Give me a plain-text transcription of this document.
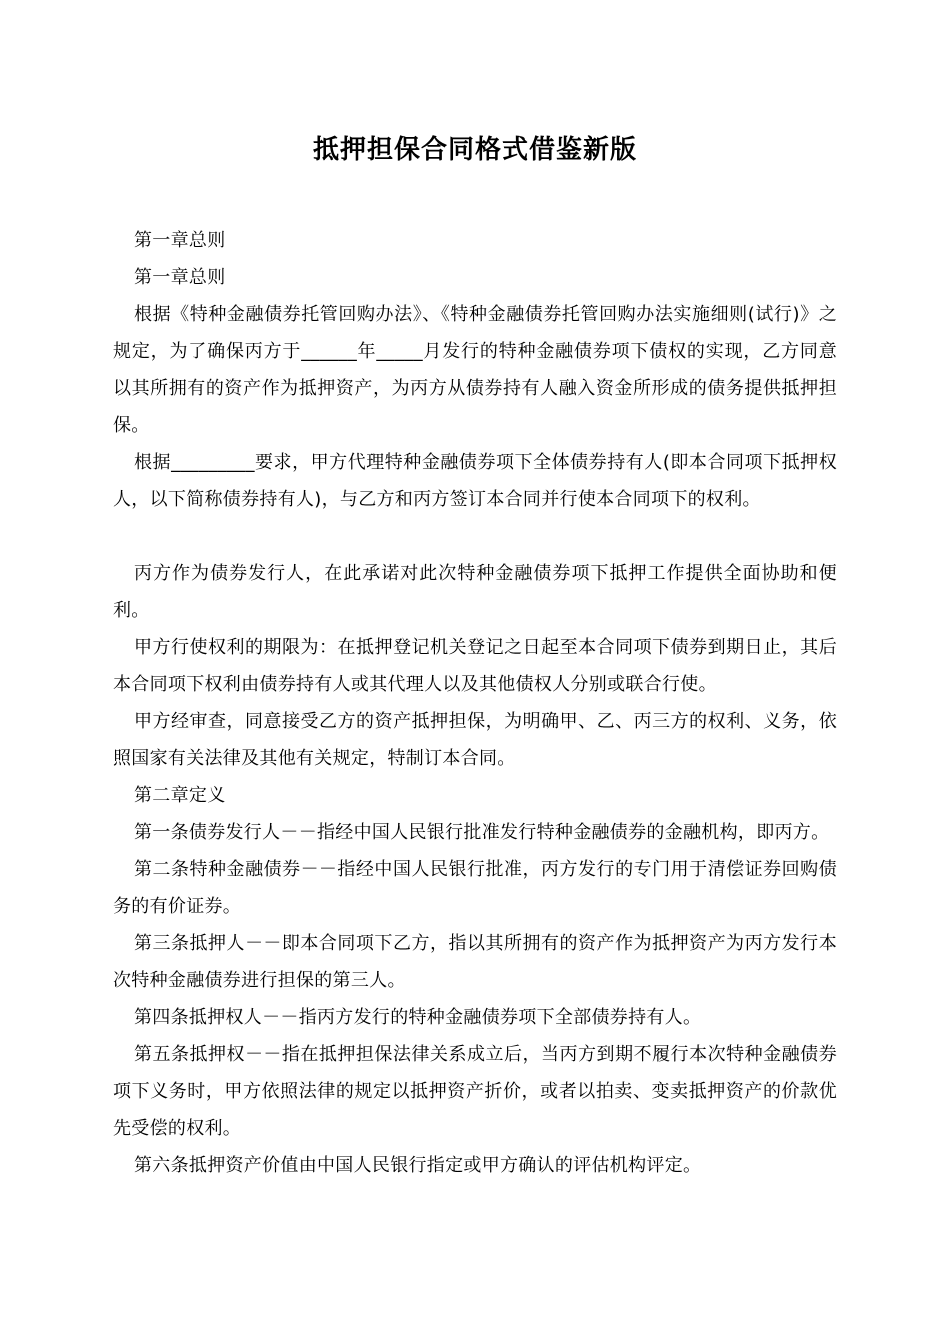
抵押担保合同格式借鉴新版

第一章总则

第一章总则

根据《特种金融债券托管回购办法》、《特种金融债券托管回购办法实施细则(试行)》之规定，为了确保丙方于______年_____月发行的特种金融债券项下债权的实现，乙方同意以其所拥有的资产作为抵押资产，为丙方从债券持有人融入资金所形成的债务提供抵押担保。

根据_________要求，甲方代理特种金融债券项下全体债券持有人(即本合同项下抵押权人，以下简称债券持有人)，与乙方和丙方签订本合同并行使本合同项下的权利。

丙方作为债券发行人，在此承诺对此次特种金融债券项下抵押工作提供全面协助和便利。

甲方行使权利的期限为：在抵押登记机关登记之日起至本合同项下债券到期日止，其后本合同项下权利由债券持有人或其代理人以及其他债权人分别或联合行使。

甲方经审查，同意接受乙方的资产抵押担保，为明确甲、乙、丙三方的权利、义务，依照国家有关法律及其他有关规定，特制订本合同。

第二章定义

第一条债券发行人－－指经中国人民银行批准发行特种金融债券的金融机构，即丙方。

第二条特种金融债券－－指经中国人民银行批准，丙方发行的专门用于清偿证券回购债务的有价证券。

第三条抵押人－－即本合同项下乙方，指以其所拥有的资产作为抵押资产为丙方发行本次特种金融债券进行担保的第三人。

第四条抵押权人－－指丙方发行的特种金融债券项下全部债券持有人。

第五条抵押权－－指在抵押担保法律关系成立后，当丙方到期不履行本次特种金融债券项下义务时，甲方依照法律的规定以抵押资产折价，或者以拍卖、变卖抵押资产的价款优先受偿的权利。

第六条抵押资产价值由中国人民银行指定或甲方确认的评估机构评定。
